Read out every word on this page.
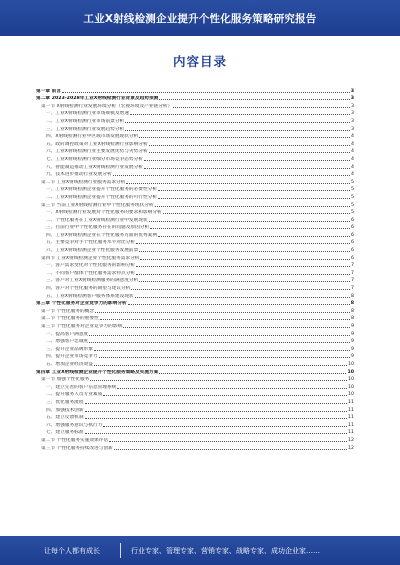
工业X射线检测企业提升个性化服务策略研究报告
内容目录
第一章 前言	3
第二章 2023-2028年工业X射线检测行业背景及趋势预测	3
第一节 X射线检测行业发展环境分析（宏观环境及产业链分析）	3
一、工业X射线检测行业市场规模及增速	3
二、工业X射线检测行业市场前景分析	3
三、工业X射线检测行业发展趋势分析	3
四、X射线检测行业中区域市场发展现状分析	4
五、政府调控政策对工业X射线检测行业影响分析	4
六、工业X射线检测行业主要发展优势与劣势分析	4
七、工业X射线检测行业细分市场竞争态势分析	4
八、智能制造推动工业X射线检测行业发展分析	4
九、技术进步推动行业发展分析	4
第二节 工业X射线检测行业服务需求分析	5
一、工业X射线检测企业提升个性化服务的必要性分析	5
二、工业X射线检测企业提升个性化服务的可行性分析	5
第三节 当前工业X射线检测行业中个性化服务现状分析	5
一、X射线检测行业发展对个性化服务的要求和影响分析	5
二、个性化服务在工业X射线检测行业中发展现状	6
三、目前行业中个性化服务存在的问题及原因分析	6
四、工业X射线检测企业在个性化服务方面的优秀案例	6
五、主要竞争对手个性化服务水平对比分析	6
六、工业X射线检测企业个性化服务发展前景	6
第四节 工业X射线检测企业个性化服务需求分析	6
一、客户需求变化对个性化服务的影响分析	7
二、不同客户群体个性化服务需求特点分析	7
三、客户对工业X射线检测服务的满意度分析	7
四、客户对个性化服务的期望与建议分析	7
五、工业X射线检测客户服务体系建设现状	8
第三章 个性化服务对企业竞争力的影响分析	8
第一节 个性化服务的概念	8
第二节 个性化服务的重要性	8
第三节 个性化服务对企业竞争力的影响	9
一、提高客户满意度	9
二、增强客户忠诚度	9
三、提升企业品牌形象	9
四、提升企业市场竞争力	9
五、增加企业经济效益	10
第四章 工业X射线检测企业提升个性化服务策略及实施方案	10
第一节 加强个性化服务	10
一、建立完善的客户信息管理系统	10
二、提升服务人员专业素质	10
三、优化服务流程	11
四、加强技术创新	11
五、建立反馈机制	11
六、增强服务意识与执行力	11
七、建立服务标准	11
第二节 个性化服务实施效果评估	12
第三节 个性化服务持续改进与创新	12
让每个人都有成长	行业专家、管理专家、营销专家、战略专家、成功企业家……
